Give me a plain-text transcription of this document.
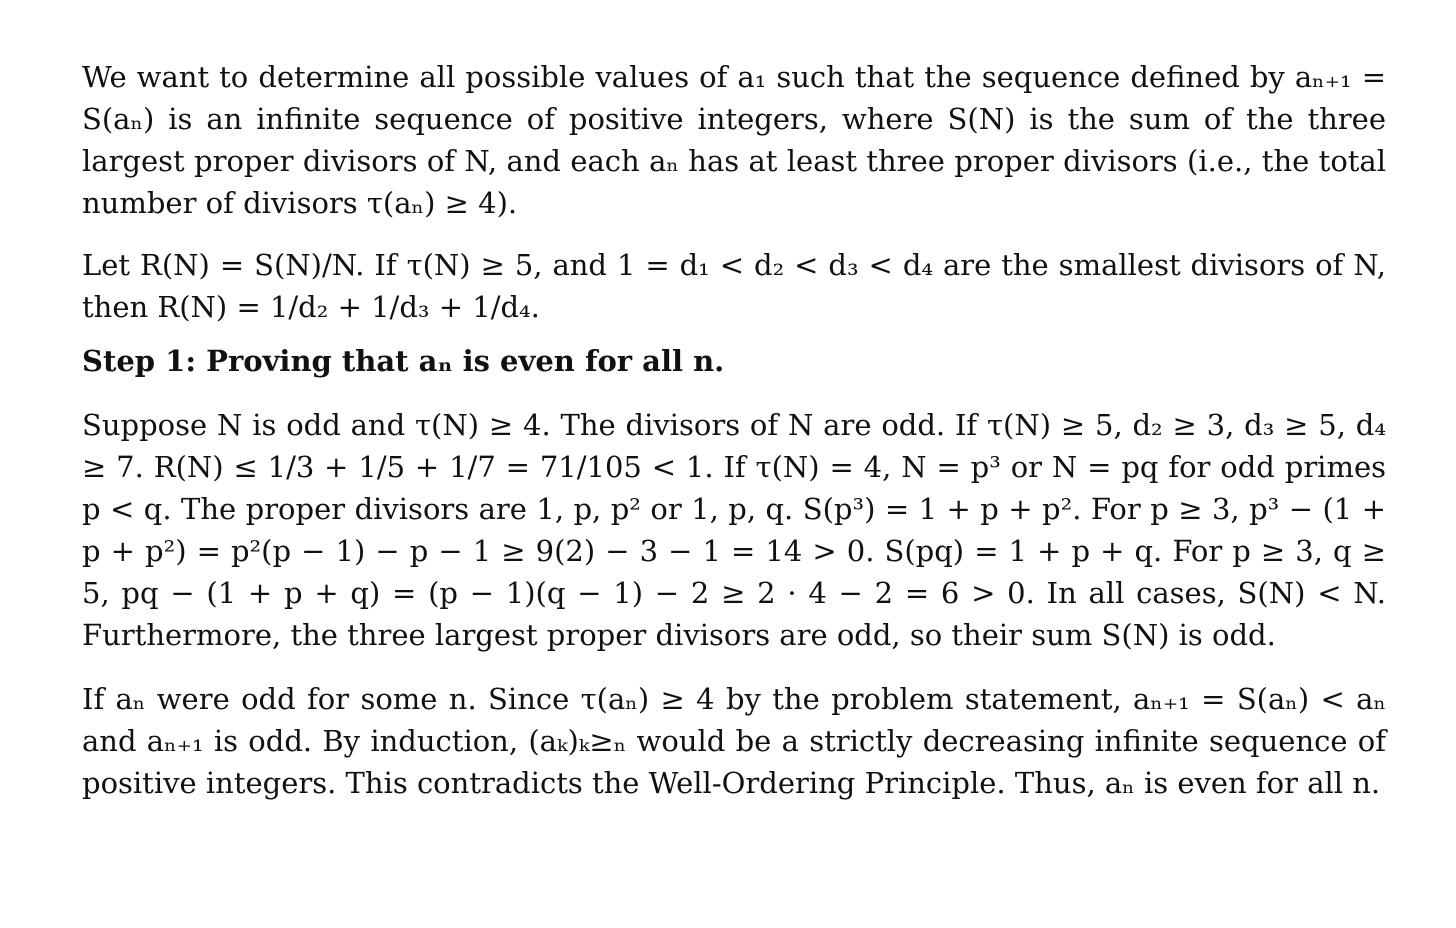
We want to determine all possible values of a₁ such that the sequence defined by aₙ₊₁ = S(aₙ) is an infinite sequence of positive integers, where S(N) is the sum of the three largest proper divisors of N, and each aₙ has at least three proper divisors (i.e., the total number of divisors τ(aₙ) ≥ 4).

Let R(N) = S(N)/N. If τ(N) ≥ 5, and 1 = d₁ < d₂ < d₃ < d₄ are the smallest divisors of N, then R(N) = 1/d₂ + 1/d₃ + 1/d₄.

Step 1: Proving that aₙ is even for all n.

Suppose N is odd and τ(N) ≥ 4. The divisors of N are odd. If τ(N) ≥ 5, d₂ ≥ 3, d₃ ≥ 5, d₄ ≥ 7. R(N) ≤ 1/3 + 1/5 + 1/7 = 71/105 < 1. If τ(N) = 4, N = p³ or N = pq for odd primes p < q. The proper divisors are 1, p, p² or 1, p, q. S(p³) = 1 + p + p². For p ≥ 3, p³ − (1 + p + p²) = p²(p − 1) − p − 1 ≥ 9(2) − 3 − 1 = 14 > 0. S(pq) = 1 + p + q. For p ≥ 3, q ≥ 5, pq − (1 + p + q) = (p − 1)(q − 1) − 2 ≥ 2 · 4 − 2 = 6 > 0. In all cases, S(N) < N. Furthermore, the three largest proper divisors are odd, so their sum S(N) is odd.

If aₙ were odd for some n. Since τ(aₙ) ≥ 4 by the problem statement, aₙ₊₁ = S(aₙ) < aₙ and aₙ₊₁ is odd. By induction, (aₖ)ₖ≥ₙ would be a strictly decreasing infinite sequence of positive integers. This contradicts the Well-Ordering Principle. Thus, aₙ is even for all n.
